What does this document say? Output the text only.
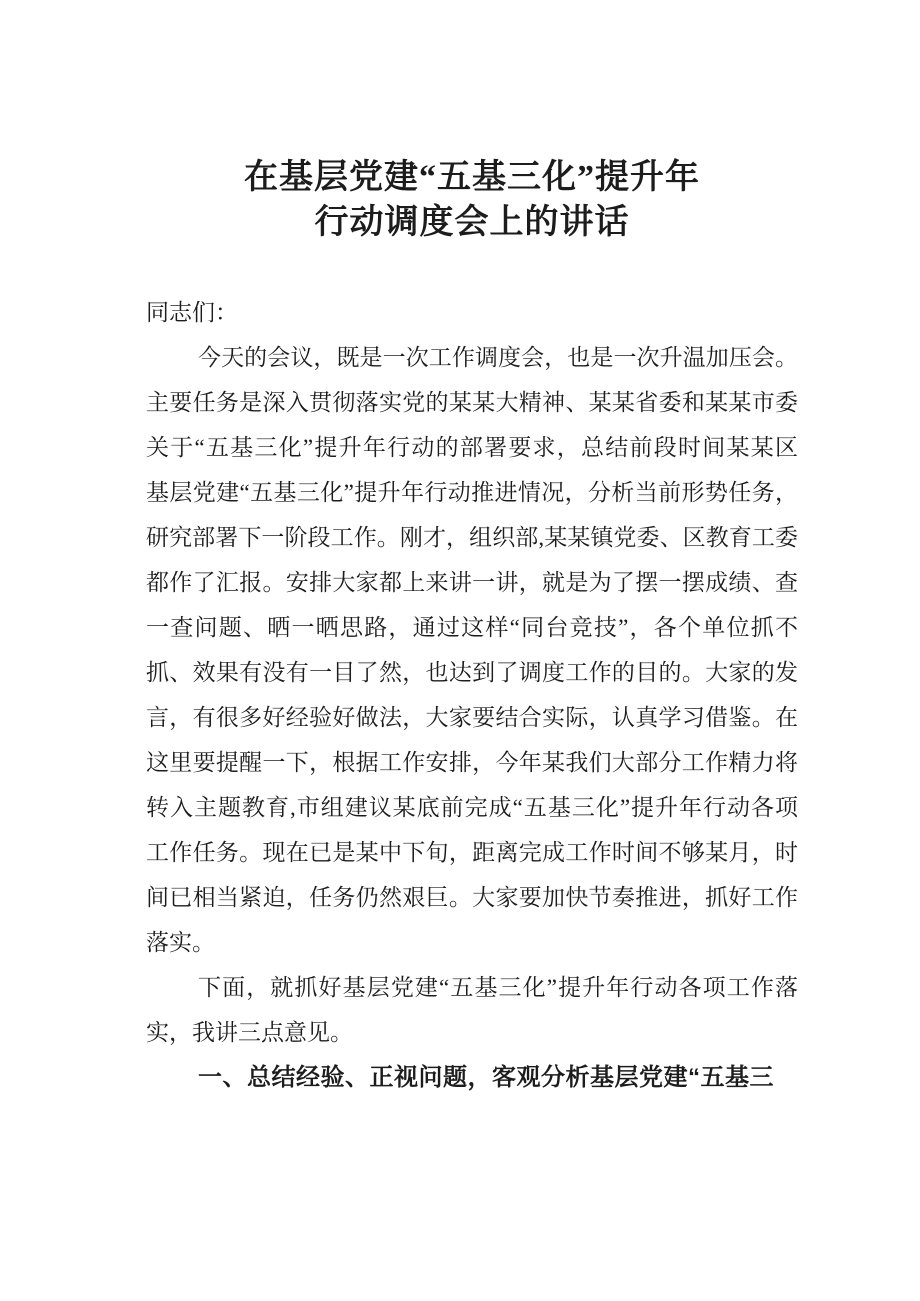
在基层党建“五基三化”提升年
行动调度会上的讲话
同志们：
今天的会议，既是一次工作调度会，也是一次升温加压会。
主要任务是深入贯彻落实党的某某大精神、某某省委和某某市委
关于“五基三化”提升年行动的部署要求，总结前段时间某某区
基层党建“五基三化”提升年行动推进情况，分析当前形势任务，
研究部署下一阶段工作。刚才，组织部,某某镇党委、区教育工委
都作了汇报。安排大家都上来讲一讲，就是为了摆一摆成绩、查
一查问题、晒一晒思路，通过这样“同台竞技”，各个单位抓不
抓、效果有没有一目了然，也达到了调度工作的目的。大家的发
言，有很多好经验好做法，大家要结合实际，认真学习借鉴。在
这里要提醒一下，根据工作安排，今年某我们大部分工作精力将
转入主题教育,市组建议某底前完成“五基三化”提升年行动各项
工作任务。现在已是某中下旬，距离完成工作时间不够某月，时
间已相当紧迫，任务仍然艰巨。大家要加快节奏推进，抓好工作
落实。
下面，就抓好基层党建“五基三化”提升年行动各项工作落
实，我讲三点意见。
一、总结经验、正视问题，客观分析基层党建“五基三
